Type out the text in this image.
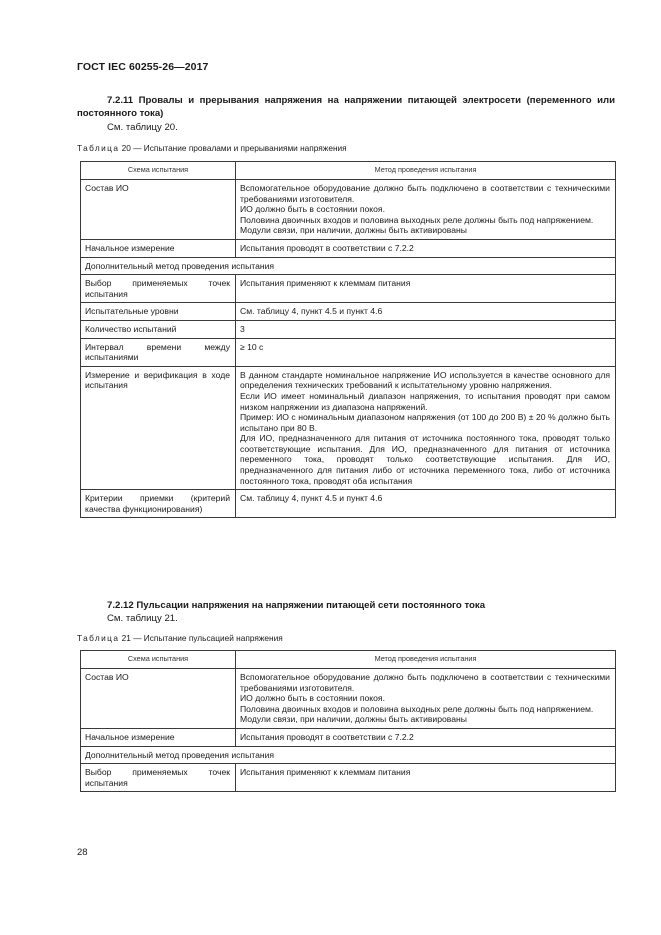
ГОСТ IEC 60255-26—2017
7.2.11 Провалы и прерывания напряжения на напряжении питающей электросети (переменного или постоянного тока)
См. таблицу 20.
Таблица 20 — Испытание провалами и прерываниями напряжения
Схема испытания	Метод проведения испытания
Состав ИО	Вспомогательное оборудование должно быть подключено в соответствии с техническими требованиями изготовителя.
ИО должно быть в состоянии покоя.
Половина двоичных входов и половина выходных реле должны быть под напряжением.
Модули связи, при наличии, должны быть активированы

Начальное измерение	Испытания проводят в соответствии с 7.2.2

Дополнительный метод проведения испытания	
Выбор применяемых точек испытания	Испытания применяют к клеммам питания

Испытательные уровни	См. таблицу 4, пункт 4.5 и пункт 4.6

Количество испытаний	3

Интервал времени между испытаниями	≥ 10 с

Измерение и верификация в ходе испытания	В данном стандарте номинальное напряжение ИО используется в качестве основного для определения технических требований к испытательному уровню напряжения.
Если ИО имеет номинальный диапазон напряжения, то испытания проводят при самом низком напряжении из диапазона напряжений.
Пример: ИО с номинальным диапазоном напряжения (от 100 до 200 В) ± 20 % должно быть испытано при 80 В.
Для ИО, предназначенного для питания от источника постоянного тока, проводят только соответствующие испытания. Для ИО, предназначенного для питания от источника переменного тока, проводят только соответствующие испытания. Для ИО, предназначенного для питания либо от источника переменного тока, либо от источника постоянного тока, проводят оба испытания

Критерии приемки (критерий качества функционирования)	См. таблицу 4, пункт 4.5 и пункт 4.6
7.2.12 Пульсации напряжения на напряжении питающей сети постоянного тока
См. таблицу 21.
Таблица 21 — Испытание пульсацией напряжения
Схема испытания	Метод проведения испытания
Состав ИО	Вспомогательное оборудование должно быть подключено в соответствии с техническими требованиями изготовителя.
ИО должно быть в состоянии покоя.
Половина двоичных входов и половина выходных реле должны быть под напряжением.
Модули связи, при наличии, должны быть активированы

Начальное измерение	Испытания проводят в соответствии с 7.2.2

Дополнительный метод проведения испытания	
Выбор применяемых точек испытания	Испытания применяют к клеммам питания
28
